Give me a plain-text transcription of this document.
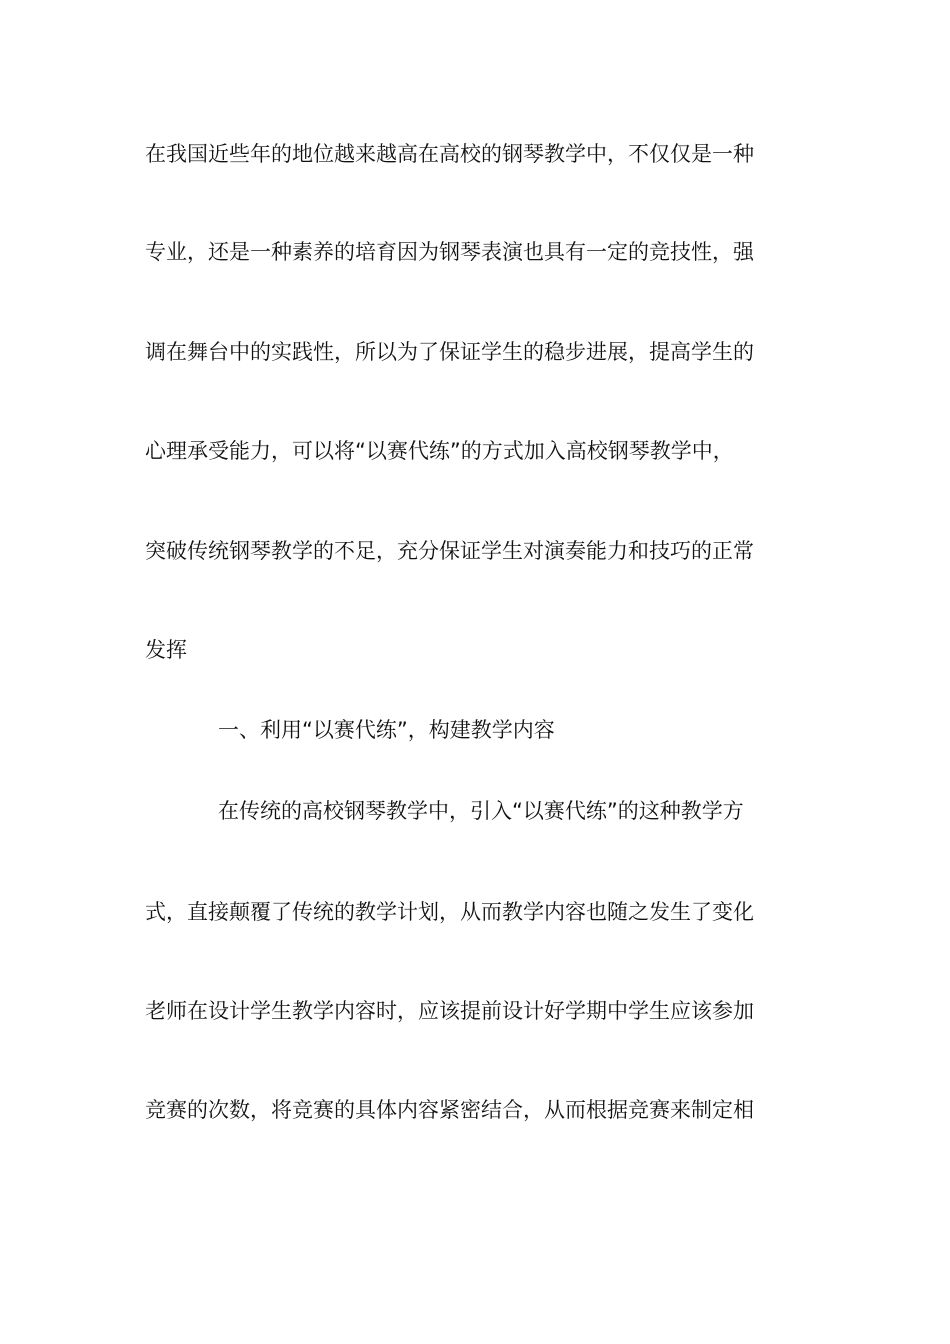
在我国近些年的地位越来越高在高校的钢琴教学中，不仅仅是一种
专业，还是一种素养的培育因为钢琴表演也具有一定的竞技性，强
调在舞台中的实践性，所以为了保证学生的稳步进展，提高学生的
心理承受能力，可以将“以赛代练”的方式加入高校钢琴教学中，
突破传统钢琴教学的不足，充分保证学生对演奏能力和技巧的正常
发挥
一、利用“以赛代练”，构建教学内容
在传统的高校钢琴教学中，引入“以赛代练”的这种教学方
式，直接颠覆了传统的教学计划，从而教学内容也随之发生了变化
老师在设计学生教学内容时，应该提前设计好学期中学生应该参加
竞赛的次数，将竞赛的具体内容紧密结合，从而根据竞赛来制定相
